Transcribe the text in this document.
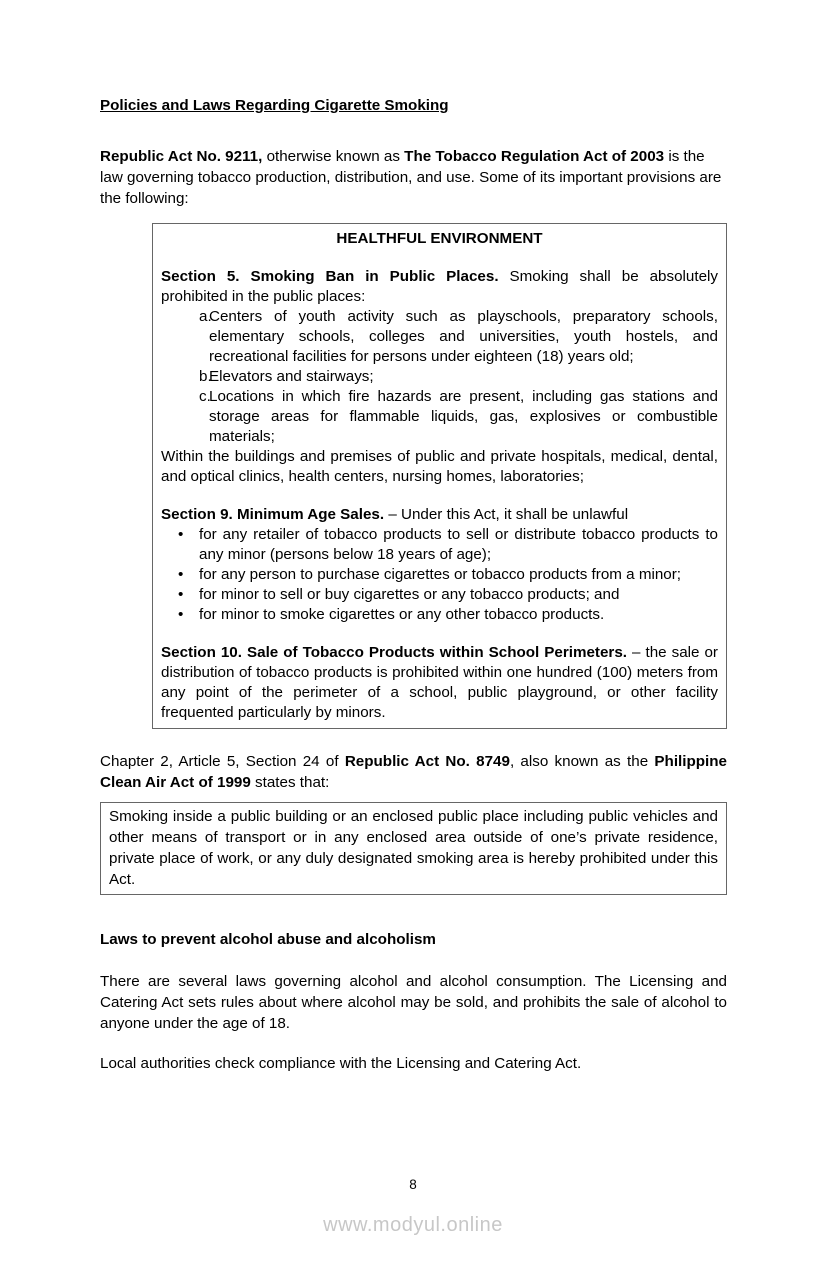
Policies and Laws Regarding Cigarette Smoking

Republic Act No. 9211, otherwise known as The Tobacco Regulation Act of 2003 is the law governing tobacco production, distribution, and use. Some of its important provisions are the following:

HEALTHFUL ENVIRONMENT

Section 5. Smoking Ban in Public Places. Smoking shall be absolutely prohibited in the public places:

a.
Centers of youth activity such as playschools, preparatory schools, elementary schools, colleges and universities, youth hostels, and recreational facilities for persons under eighteen (18) years old;
b.
Elevators and stairways;
c.
Locations in which fire hazards are present, including gas stations and storage areas for flammable liquids, gas, explosives or combustible materials;

Within the buildings and premises of public and private hospitals, medical, dental, and optical clinics, health centers, nursing homes, laboratories;

Section 9. Minimum Age Sales. – Under this Act, it shall be unlawful

• for any retailer of tobacco products to sell or distribute tobacco products to any minor (persons below 18 years of age);
• for any person to purchase cigarettes or tobacco products from a minor;
• for minor to sell or buy cigarettes or any tobacco products; and
• for minor to smoke cigarettes or any other tobacco products.

Section 10. Sale of Tobacco Products within School Perimeters. – the sale or distribution of tobacco products is prohibited within one hundred (100) meters from any point of the perimeter of a school, public playground, or other facility frequented particularly by minors.

Chapter 2, Article 5, Section 24 of Republic Act No. 8749, also known as the Philippine Clean Air Act of 1999 states that:

Smoking inside a public building or an enclosed public place including public vehicles and other means of transport or in any enclosed area outside of one’s private residence, private place of work, or any duly designated smoking area is hereby prohibited under this Act.
Laws to prevent alcohol abuse and alcoholism

There are several laws governing alcohol and alcohol consumption. The Licensing and Catering Act sets rules about where alcohol may be sold, and prohibits the sale of alcohol to anyone under the age of 18.

Local authorities check compliance with the Licensing and Catering Act.

8
www.modyul.online
